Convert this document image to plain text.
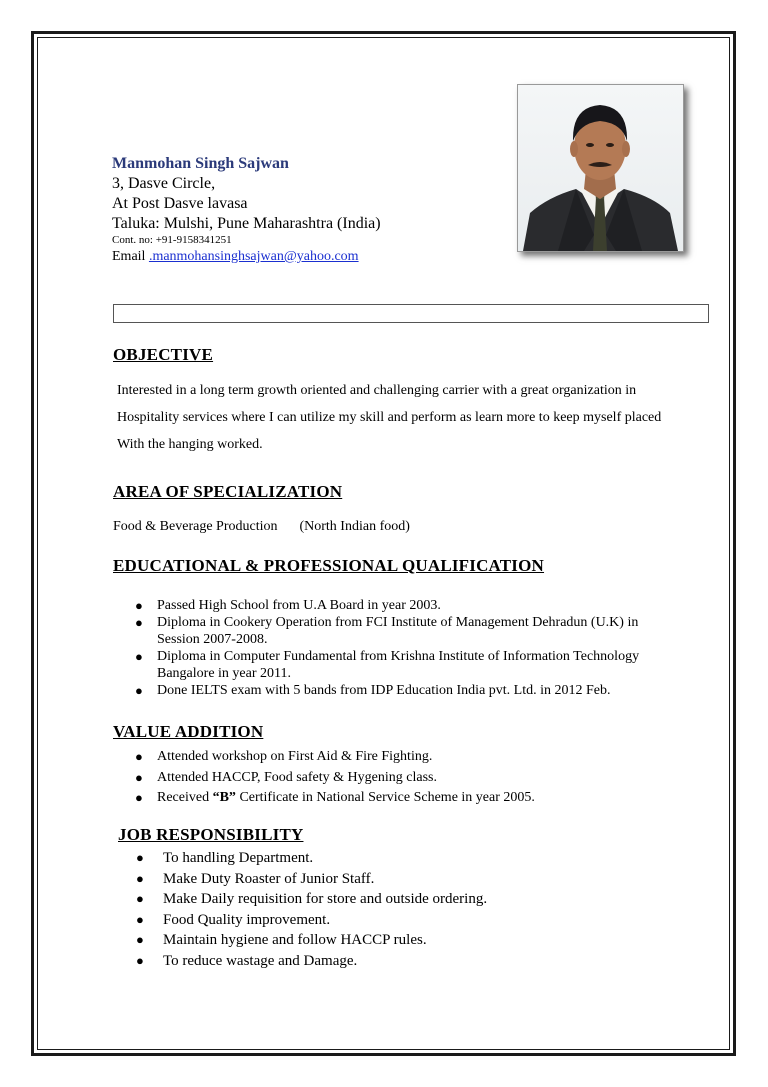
Manmohan Singh Sajwan
3, Dasve Circle,
At Post Dasve lavasa
Taluka: Mulshi, Pune Maharashtra (India)
Cont. no: +91-9158341251
Email .manmohansinghsajwan@yahoo.com
OBJECTIVE
Interested in a long term growth oriented and challenging carrier with a great organization in
Hospitality services where I can utilize my skill and perform as learn more to keep myself placed
With the hanging worked.
AREA OF SPECIALIZATION
Food & Beverage Production (North Indian food)
EDUCATIONAL & PROFESSIONAL QUALIFICATION
● Passed High School from U.A Board in year 2003.
● Diploma in Cookery Operation from FCI Institute of Management Dehradun (U.K) in
Session 2007-2008.
● Diploma in Computer Fundamental from Krishna Institute of Information Technology
Bangalore in year 2011.
● Done IELTS exam with 5 bands from IDP Education India pvt. Ltd. in 2012 Feb.
VALUE ADDITION
● Attended workshop on First Aid & Fire Fighting.
● Attended HACCP, Food safety & Hygening class.
● Received “B” Certificate in National Service Scheme in year 2005.
JOB RESPONSIBILITY
● To handling Department.
● Make Duty Roaster of Junior Staff.
● Make Daily requisition for store and outside ordering.
● Food Quality improvement.
● Maintain hygiene and follow HACCP rules.
● To reduce wastage and Damage.
